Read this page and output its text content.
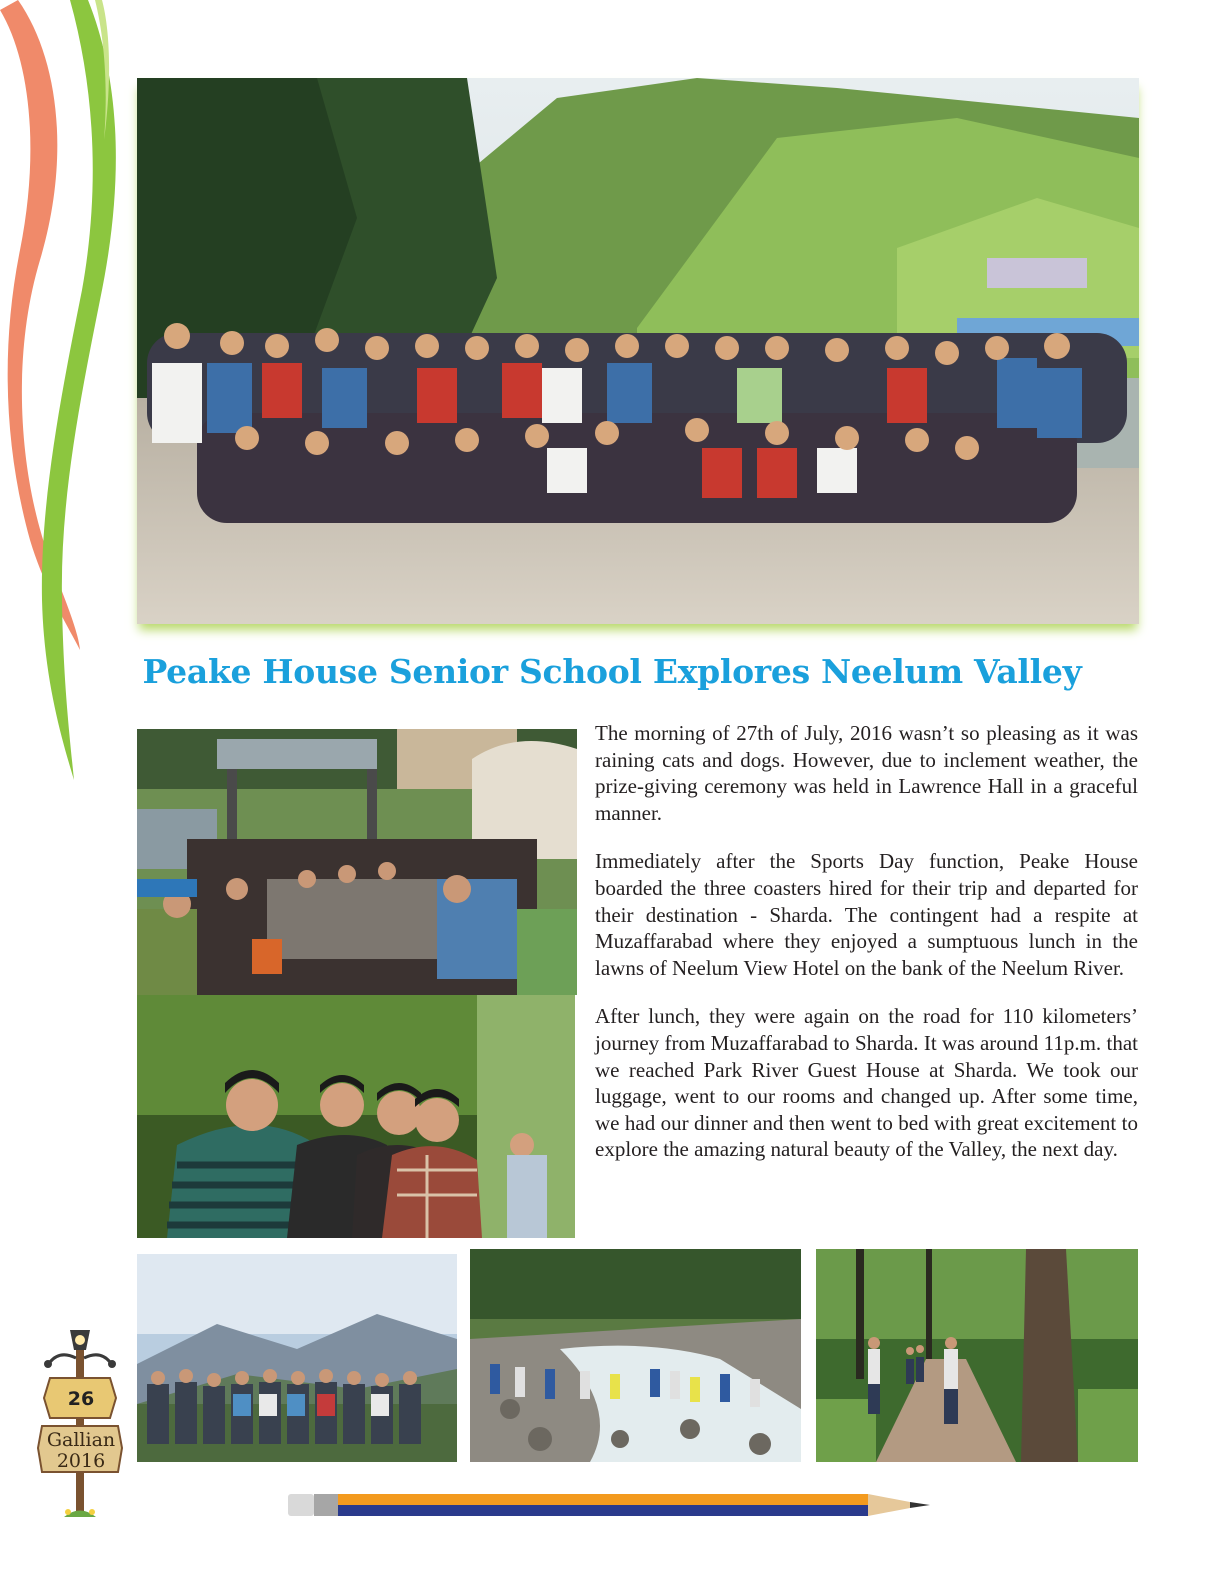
Peake House Senior School Explores Neelum Valley

The morning of 27th of July, 2016 wasn’t so pleasing as it was raining cats and dogs. However, due to inclement weather, the prize-giving ceremony was held in Lawrence Hall in a graceful manner.

Immediately after the Sports Day function, Peake House boarded the three coasters hired for their trip and departed for their destination - Sharda. The contingent had a respite at Muzaffarabad where they enjoyed a sumptuous lunch in the lawns of Neelum View Hotel on the bank of the Neelum River.

After lunch, they were again on the road for 110 kilometers’ journey from Muzaffarabad to Sharda. It was around 11p.m. that we reached Park River Guest House at Sharda. We took our luggage, went to our rooms and changed up. After some time, we had our dinner and then went to bed with great excitement to explore the amazing natural beauty of the Valley, the next day.

26
Gallian
2016
